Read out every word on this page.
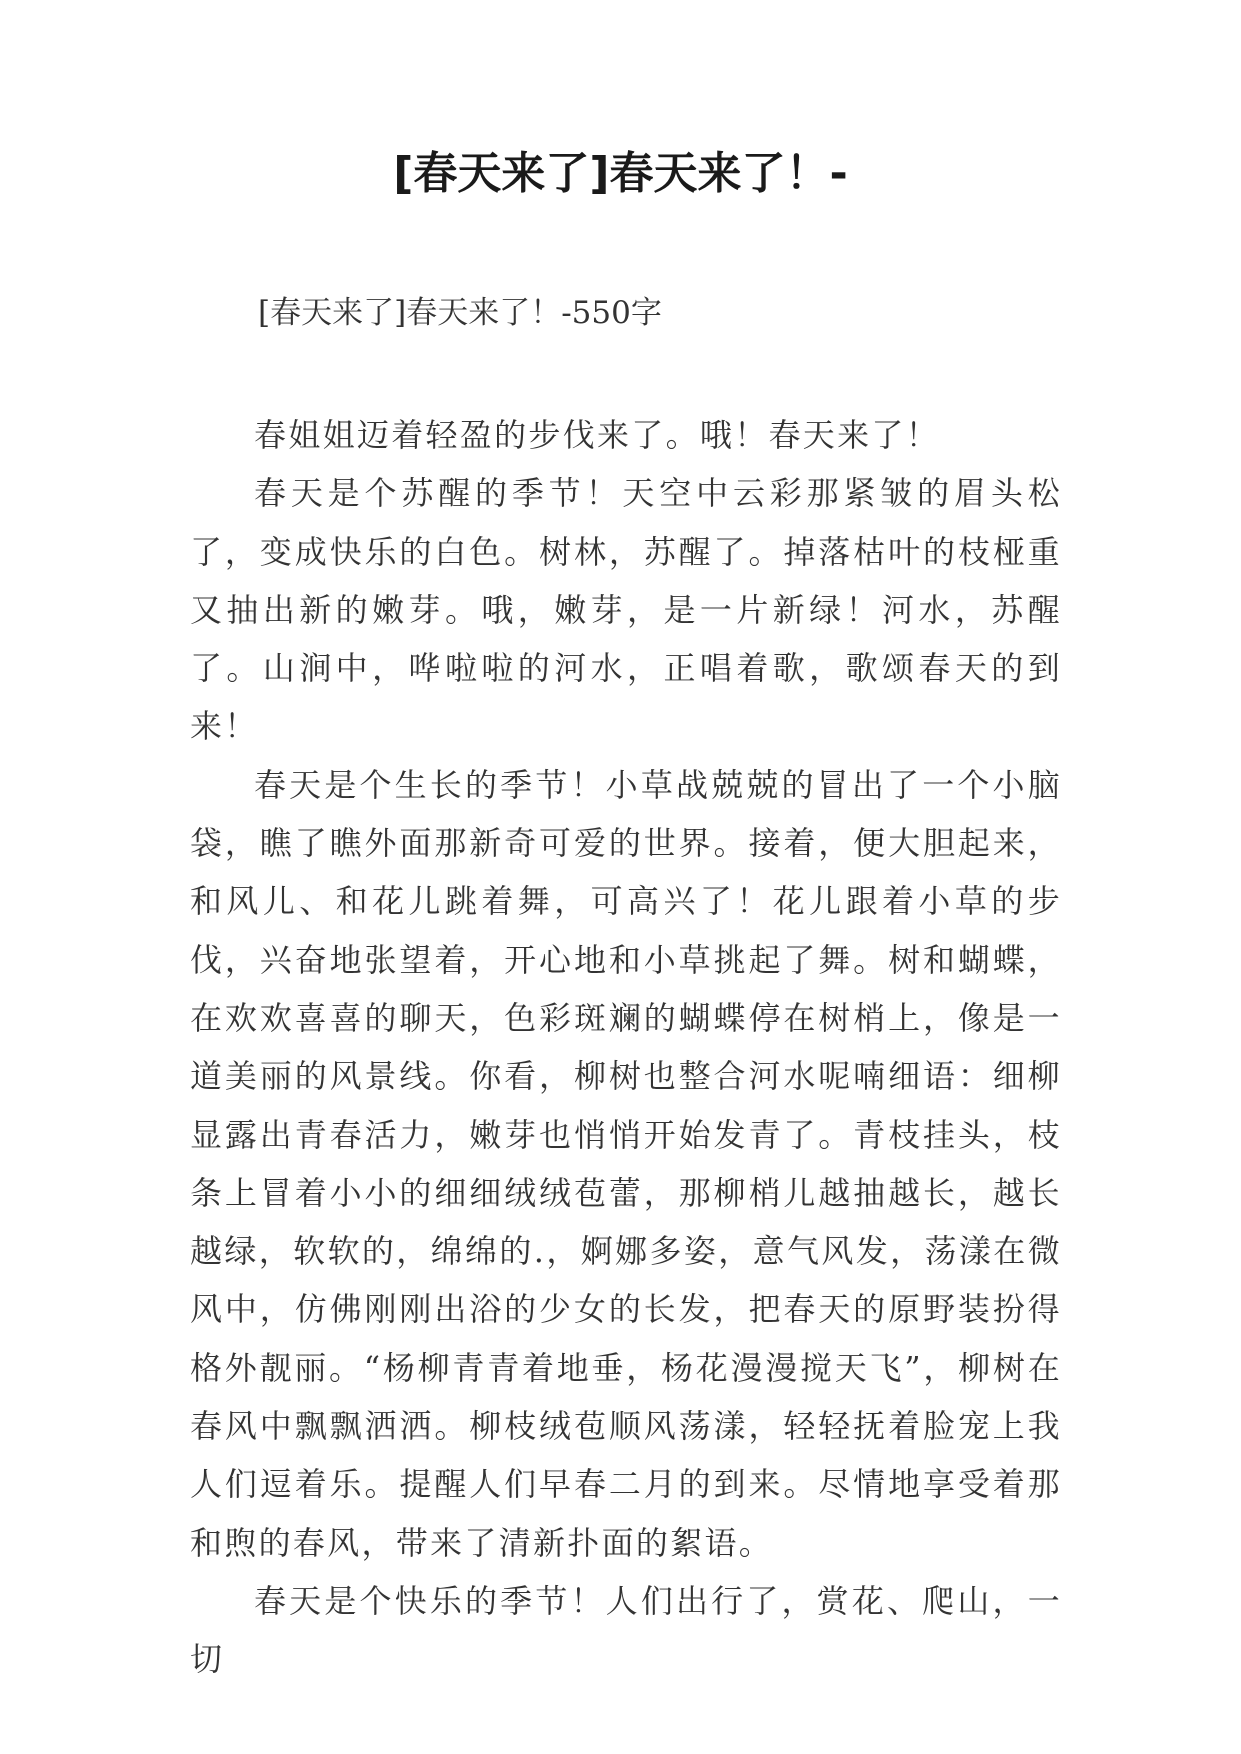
[春天来了]春天来了！-
[春天来了]春天来了！-550字

春姐姐迈着轻盈的步伐来了。哦！春天来了！

春天是个苏醒的季节！天空中云彩那紧皱的眉头松了，变成快乐的白色。树林，苏醒了。掉落枯叶的枝桠重又抽出新的嫩芽。哦，嫩芽，是一片新绿！河水，苏醒了。山涧中，哗啦啦的河水，正唱着歌，歌颂春天的到来！

春天是个生长的季节！小草战兢兢的冒出了一个小脑袋，瞧了瞧外面那新奇可爱的世界。接着，便大胆起来，和风儿、和花儿跳着舞，可高兴了！花儿跟着小草的步伐，兴奋地张望着，开心地和小草挑起了舞。树和蝴蝶，在欢欢喜喜的聊天，色彩斑斓的蝴蝶停在树梢上，像是一道美丽的风景线。你看，柳树也整合河水呢喃细语：细柳显露出青春活力，嫩芽也悄悄开始发青了。青枝挂头，枝条上冒着小小的细细绒绒苞蕾，那柳梢儿越抽越长，越长越绿，软软的，绵绵的.，婀娜多姿，意气风发，荡漾在微风中，仿佛刚刚出浴的少女的长发，把春天的原野装扮得格外靓丽。“杨柳青青着地垂，杨花漫漫搅天飞”，柳树在春风中飘飘洒洒。柳枝绒苞顺风荡漾，轻轻抚着脸宠上我人们逗着乐。提醒人们早春二月的到来。尽情地享受着那和煦的春风，带来了清新扑面的絮语。

春天是个快乐的季节！人们出行了，赏花、爬山，一切
